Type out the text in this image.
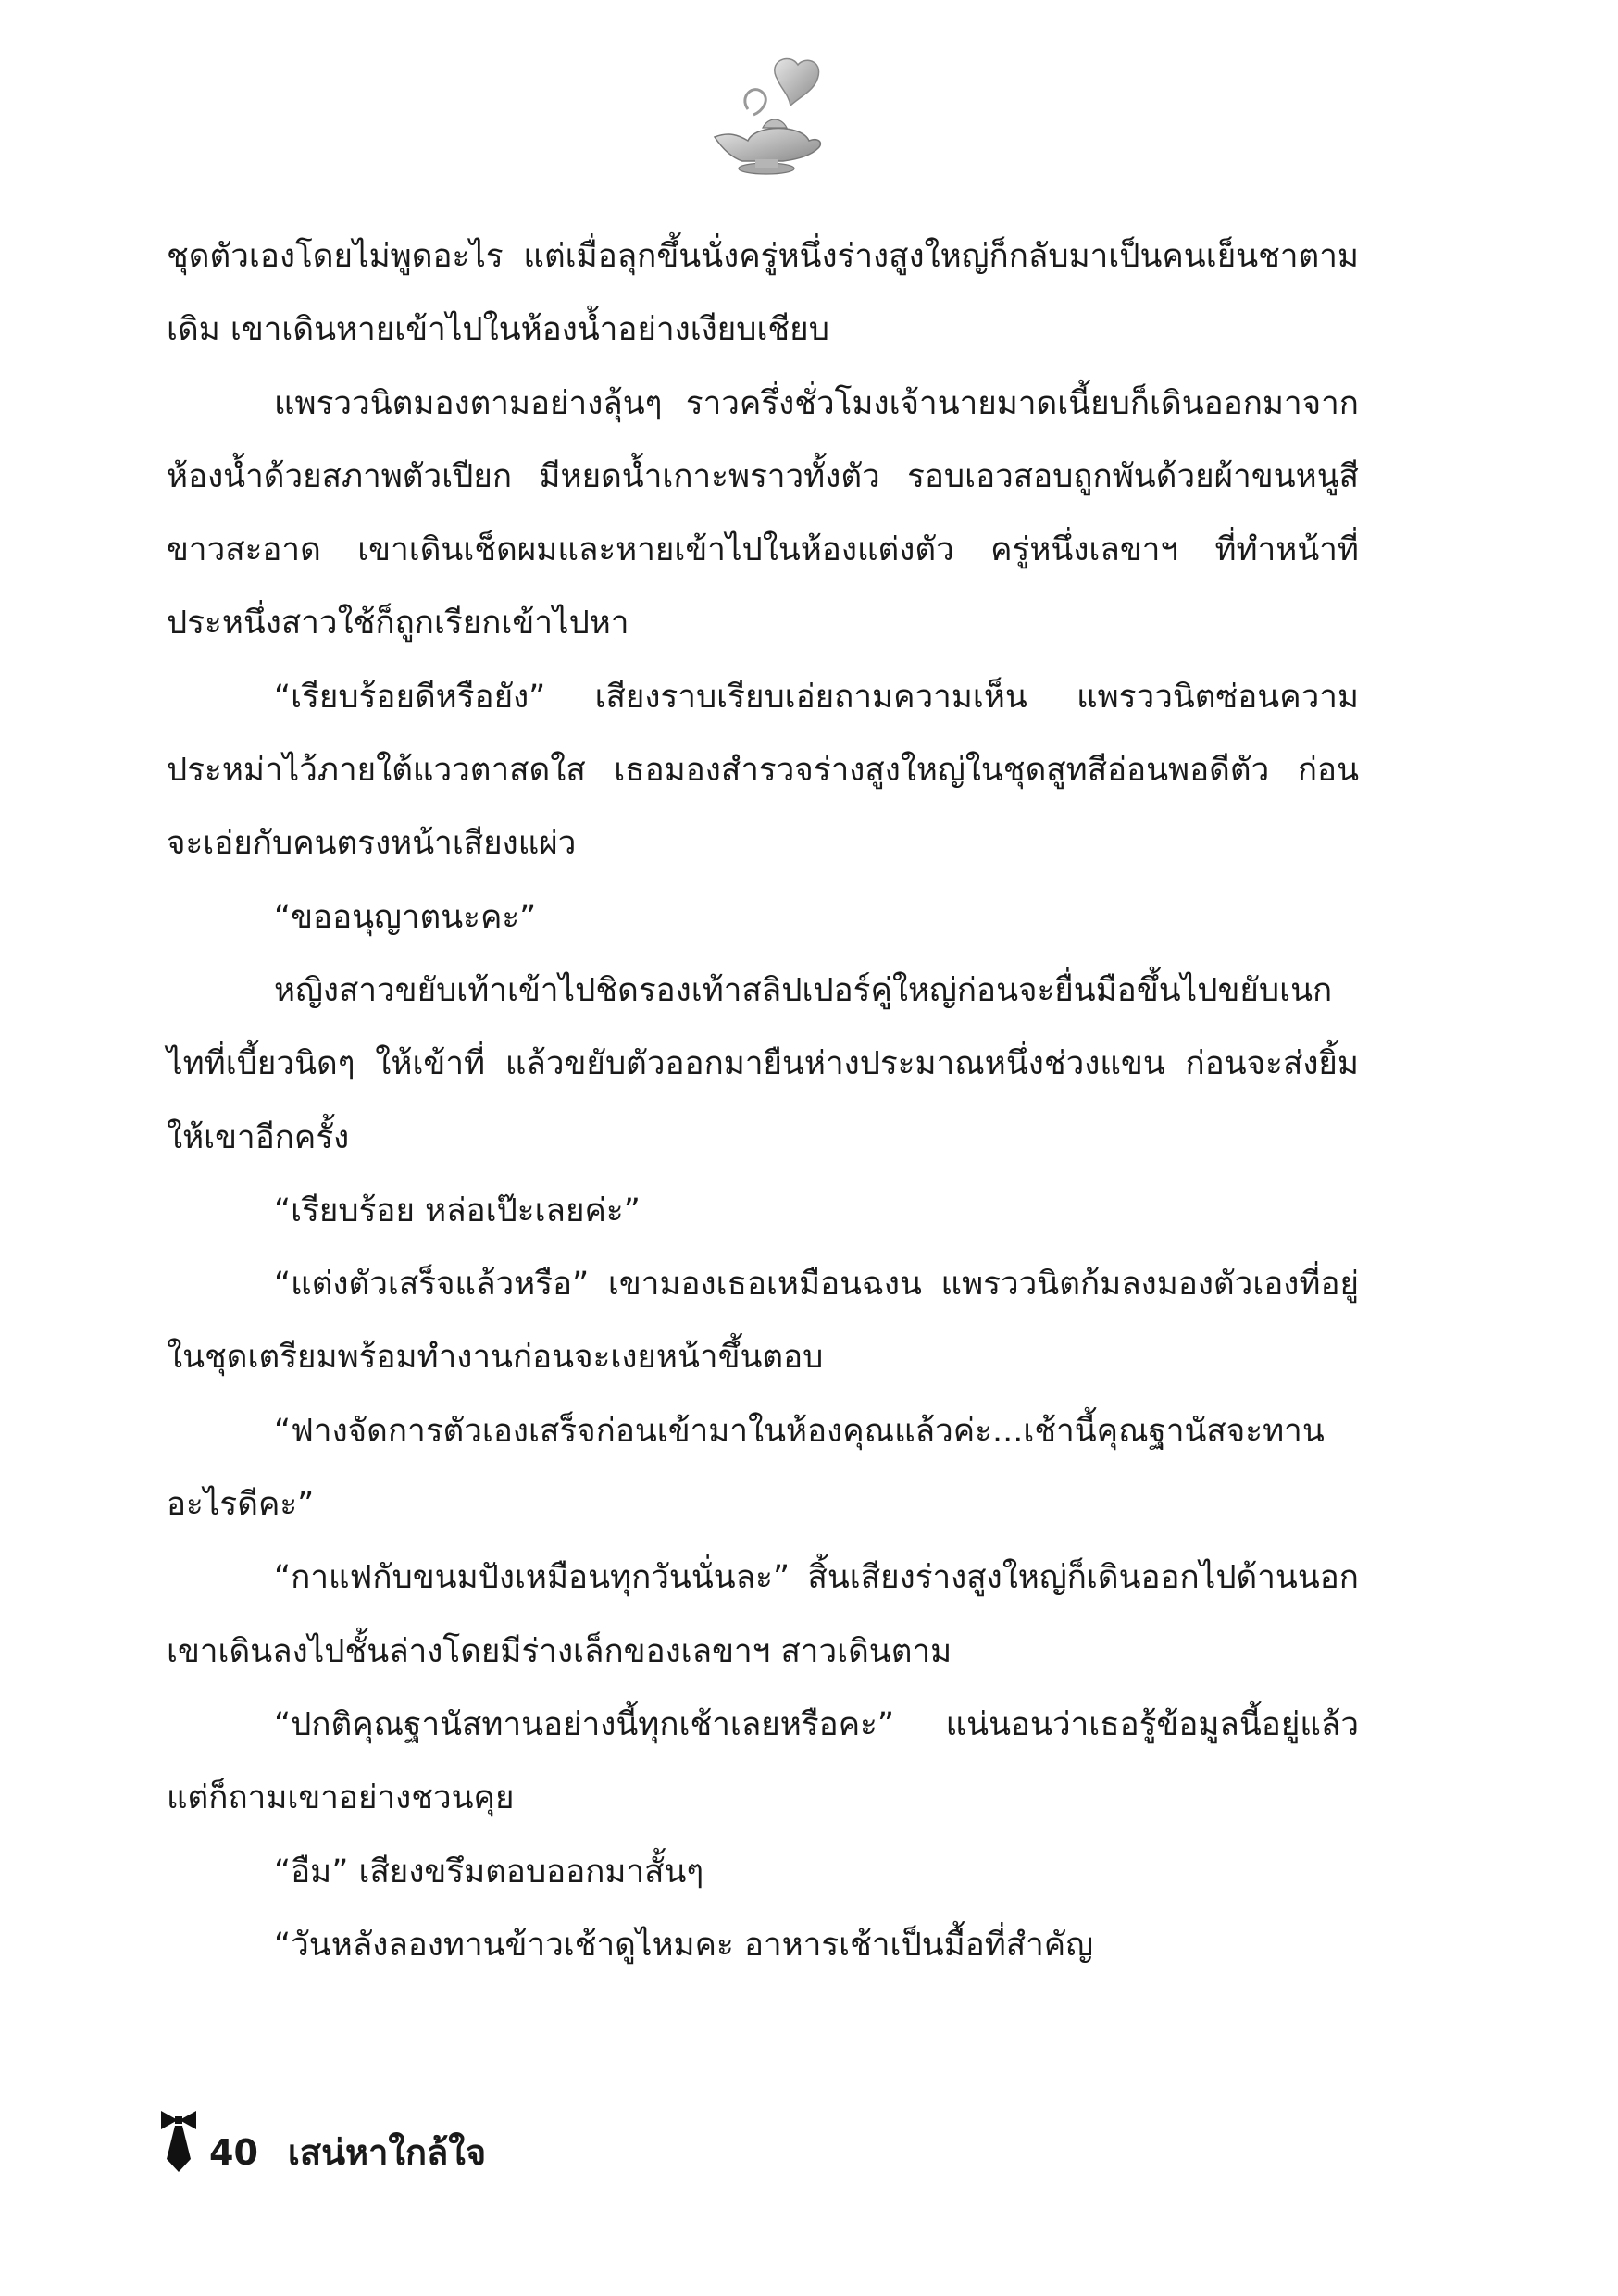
ชุดตัวเองโดยไม่พูดอะไร แต่เมื่อลุกขึ้นนั่งครู่หนึ่งร่างสูงใหญ่ก็กลับมาเป็นคนเย็นชาตามเดิม เขาเดินหายเข้าไปในห้องน้ำอย่างเงียบเชียบ

แพรววนิตมองตามอย่างลุ้นๆ ราวครึ่งชั่วโมงเจ้านายมาดเนี้ยบก็เดินออกมาจากห้องน้ำด้วยสภาพตัวเปียก มีหยดน้ำเกาะพราวทั้งตัว รอบเอวสอบถูกพันด้วยผ้าขนหนูสีขาวสะอาด เขาเดินเช็ดผมและหายเข้าไปในห้องแต่งตัว ครู่หนึ่งเลขาฯ ที่ทำหน้าที่ประหนึ่งสาวใช้ก็ถูกเรียกเข้าไปหา

“เรียบร้อยดีหรือยัง” เสียงราบเรียบเอ่ยถามความเห็น แพรววนิตซ่อนความประหม่าไว้ภายใต้แววตาสดใส เธอมองสำรวจร่างสูงใหญ่ในชุดสูทสีอ่อนพอดีตัว ก่อนจะเอ่ยกับคนตรงหน้าเสียงแผ่ว

“ขออนุญาตนะคะ”

หญิงสาวขยับเท้าเข้าไปชิดรองเท้าสลิปเปอร์คู่ใหญ่ก่อนจะยื่นมือขึ้นไปขยับเนกไทที่เบี้ยวนิดๆ ให้เข้าที่ แล้วขยับตัวออกมายืนห่างประมาณหนึ่งช่วงแขน ก่อนจะส่งยิ้มให้เขาอีกครั้ง

“เรียบร้อย หล่อเป๊ะเลยค่ะ”

“แต่งตัวเสร็จแล้วหรือ” เขามองเธอเหมือนฉงน แพรววนิตก้มลงมองตัวเองที่อยู่ในชุดเตรียมพร้อมทำงานก่อนจะเงยหน้าขึ้นตอบ

“ฟางจัดการตัวเองเสร็จก่อนเข้ามาในห้องคุณแล้วค่ะ...เช้านี้คุณฐานัสจะทานอะไรดีคะ”

“กาแฟกับขนมปังเหมือนทุกวันนั่นละ” สิ้นเสียงร่างสูงใหญ่ก็เดินออกไปด้านนอก เขาเดินลงไปชั้นล่างโดยมีร่างเล็กของเลขาฯ สาวเดินตาม

“ปกติคุณฐานัสทานอย่างนี้ทุกเช้าเลยหรือคะ” แน่นอนว่าเธอรู้ข้อมูลนี้อยู่แล้ว แต่ก็ถามเขาอย่างชวนคุย

“อืม” เสียงขรึมตอบออกมาสั้นๆ

“วันหลังลองทานข้าวเช้าดูไหมคะ อาหารเช้าเป็นมื้อที่สำคัญ

40 เสน่หาใกล้ใจ
